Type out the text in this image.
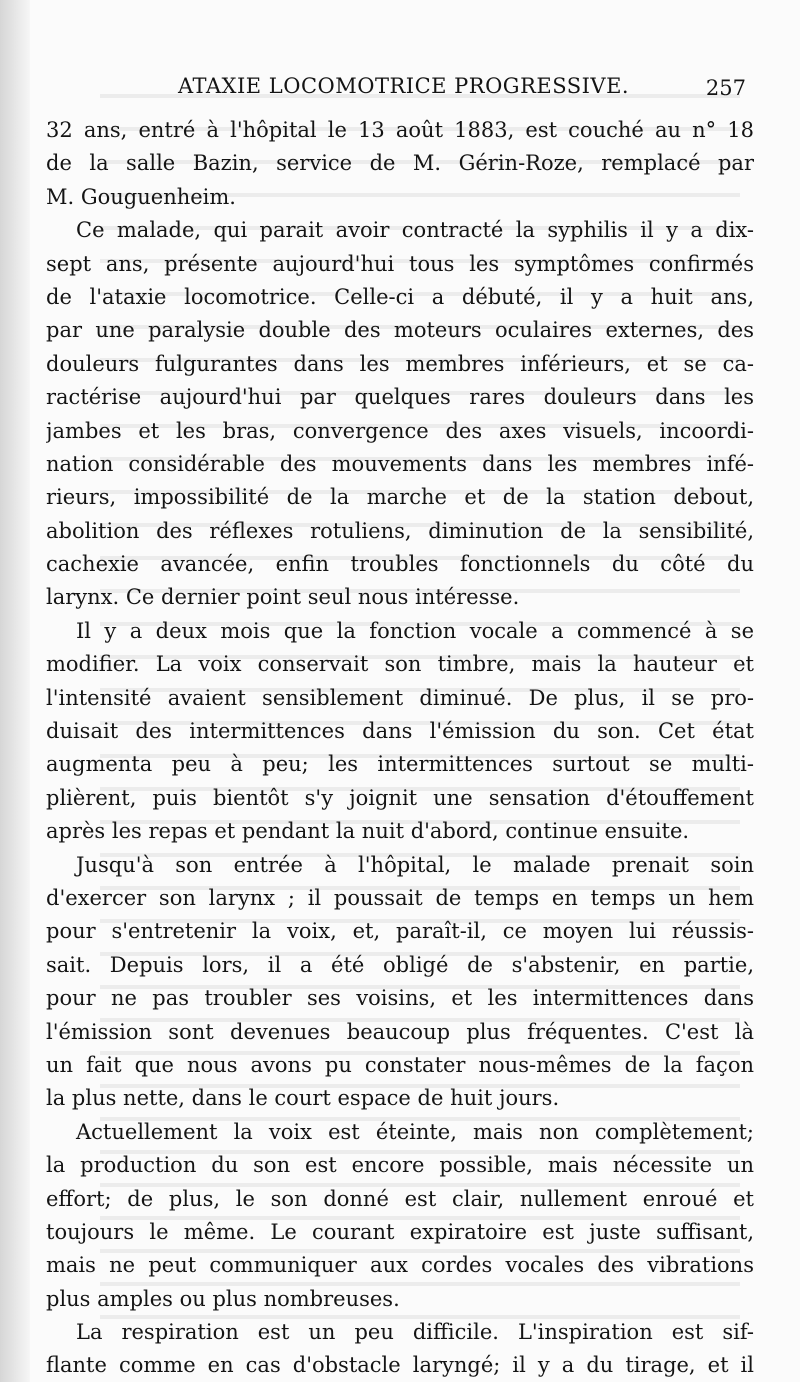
ATAXIE LOCOMOTRICE PROGRESSIVE.	257
32 ans, entré à l'hôpital le 13 août 1883, est couché au n° 18
de la salle Bazin, service de M. Gérin-Roze, remplacé par
M. Gouguenheim.
Ce malade, qui parait avoir contracté la syphilis il y a dix-
sept ans, présente aujourd'hui tous les symptômes confirmés
de l'ataxie locomotrice. Celle-ci a débuté, il y a huit ans,
par une paralysie double des moteurs oculaires externes, des
douleurs fulgurantes dans les membres inférieurs, et se ca-
ractérise aujourd'hui par quelques rares douleurs dans les
jambes et les bras, convergence des axes visuels, incoordi-
nation considérable des mouvements dans les membres infé-
rieurs, impossibilité de la marche et de la station debout,
abolition des réflexes rotuliens, diminution de la sensibilité,
cachexie avancée, enfin troubles fonctionnels du côté du
larynx. Ce dernier point seul nous intéresse.
Il y a deux mois que la fonction vocale a commencé à se
modifier. La voix conservait son timbre, mais la hauteur et
l'intensité avaient sensiblement diminué. De plus, il se pro-
duisait des intermittences dans l'émission du son. Cet état
augmenta peu à peu; les intermittences surtout se multi-
plièrent, puis bientôt s'y joignit une sensation d'étouffement
après les repas et pendant la nuit d'abord, continue ensuite.
Jusqu'à son entrée à l'hôpital, le malade prenait soin
d'exercer son larynx ; il poussait de temps en temps un hem
pour s'entretenir la voix, et, paraît-il, ce moyen lui réussis-
sait. Depuis lors, il a été obligé de s'abstenir, en partie,
pour ne pas troubler ses voisins, et les intermittences dans
l'émission sont devenues beaucoup plus fréquentes. C'est là
un fait que nous avons pu constater nous-mêmes de la façon
la plus nette, dans le court espace de huit jours.
Actuellement la voix est éteinte, mais non complètement;
la production du son est encore possible, mais nécessite un
effort; de plus, le son donné est clair, nullement enroué et
toujours le même. Le courant expiratoire est juste suffisant,
mais ne peut communiquer aux cordes vocales des vibrations
plus amples ou plus nombreuses.
La respiration est un peu difficile. L'inspiration est sif-
flante comme en cas d'obstacle laryngé; il y a du tirage, et il
